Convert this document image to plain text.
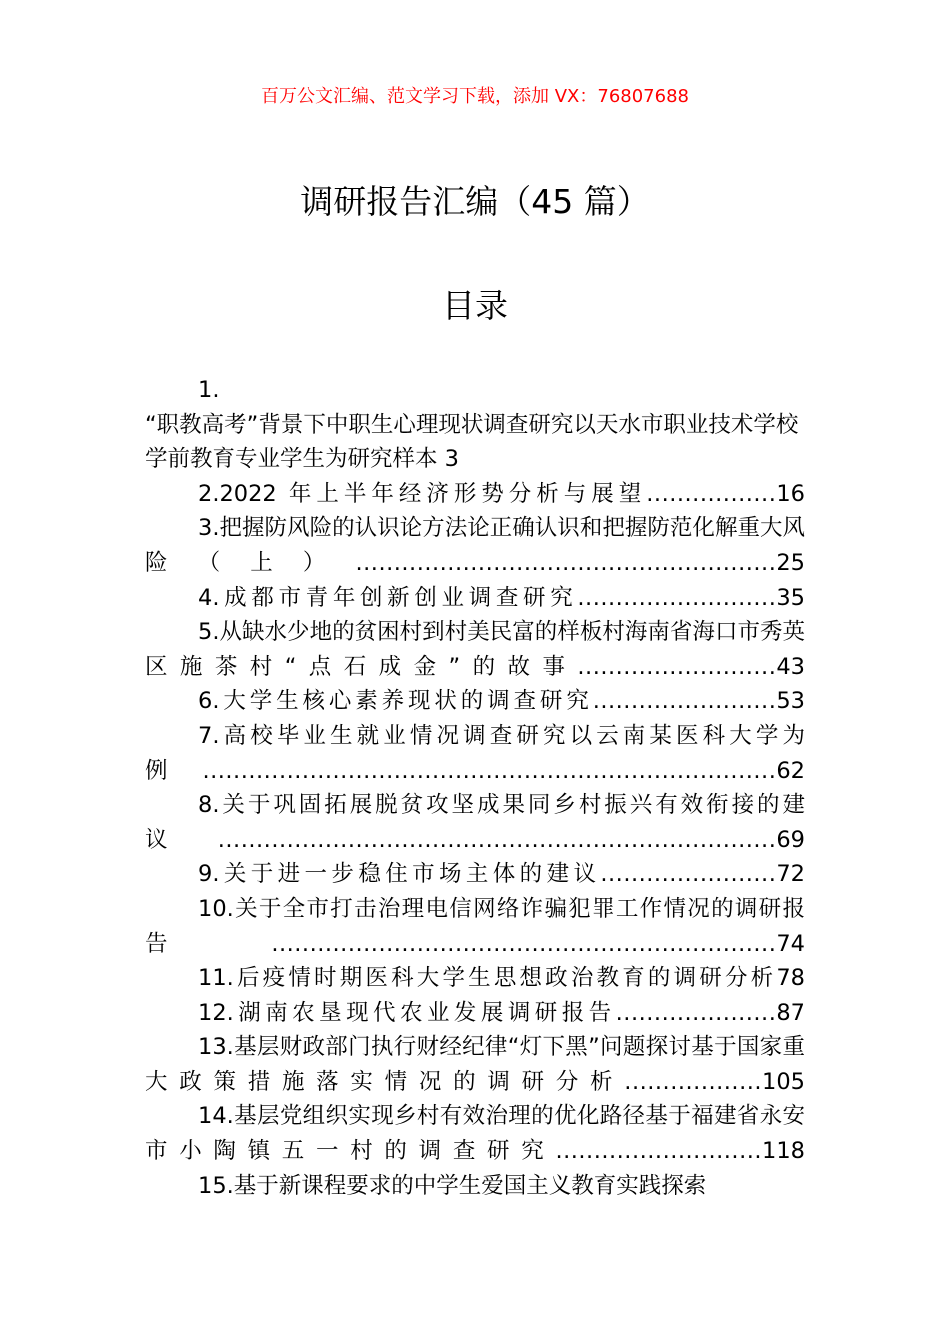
百万公文汇编、范文学习下载，添加 VX：76807688
调研报告汇编（45 篇）
目录
1.
“职教高考”背景下中职生心理现状调查研究以天水市职业技术学校学前教育专业学生为研究样本 3
2.2022 年上半年经济形势分析与展望.................16
3.把握防风险的认识论方法论正确认识和把握防范化解重大风险（上）.......................................................25
4.成都市青年创新创业调查研究..........................35
5.从缺水少地的贫困村到村美民富的样板村海南省海口市秀英区施茶村“点石成金”的故事..........................43
6.大学生核心素养现状的调查研究........................53
7.高校毕业生就业情况调查研究以云南某医科大学为例...........................................................................62
8.关于巩固拓展脱贫攻坚成果同乡村振兴有效衔接的建议.........................................................................69
9.关于进一步稳住市场主体的建议.......................72
10.关于全市打击治理电信网络诈骗犯罪工作情况的调研报告..................................................................74
11.后疫情时期医科大学生思想政治教育的调研分析78
12.湖南农垦现代农业发展调研报告.....................87
13.基层财政部门执行财经纪律“灯下黑”问题探讨基于国家重大政策措施落实情况的调研分析..................105
14.基层党组织实现乡村有效治理的优化路径基于福建省永安市小陶镇五一村的调查研究...........................118
15.基于新课程要求的中学生爱国主义教育实践探索
